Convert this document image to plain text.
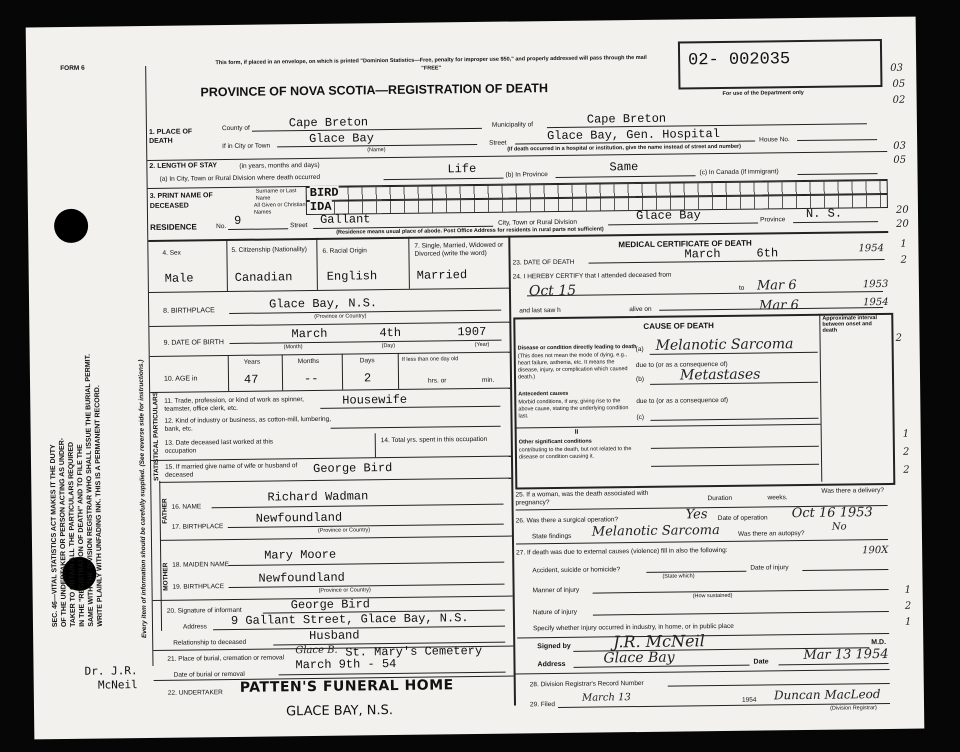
FORM 6
This form, if placed in an envelope, on which is printed "Dominion Statistics—Free, penalty for improper use $50," and properly addressed will pass through the mail "FREE"
PROVINCE OF NOVA SCOTIA—REGISTRATION OF DEATH
02- 002035
For use of the Department only
SEC. 46—VITAL STATISTICS ACT MAKES IT THE DUTY OF THE UNDERTAKER OR PERSON ACTING AS UNDER- TAKER TO OBTAIN ALL THE PARTICULARS REQUIRED IN THE "REGISTRATION OF DEATH" AND TO FILE THE
SAME WITH THE DIVISION REGISTRAR WHO SHALL ISSUE THE BURIAL PERMIT. WRITE PLAINLY WITH UNFADING INK. THIS IS A PERMANENT RECORD.	Every item of information should be carefully supplied. (See reverse side for instructions.) STATISTICAL PARTICULARS
FATHER
MOTHER
1. PLACE OF DEATH
County of	Cape Breton	Municipality of	Cape Breton
If in City or Town
Glace Bay
(Name)
Street
Glace Bay, Gen. Hospital	House No.
(If death occurred in a hospital or institution, give the name instead of street and number)
2. LENGTH OF STAY	(in years, months and days)
(a) In City, Town or Rural Division where death occurred
Life	(b) In Province
Same	(c) In Canada (if immigrant)
3. PRINT NAME OF DECEASED
Surname or Last Name	BIRD
All Given or Christian Names	IDA
RESIDENCE	No. 9	Street Gallant	City, Town or Rural Division	Glace Bay	Province N. S.
(Residence means usual place of abode. Post Office Address for residents in rural parts not sufficient)
4. Sex
Male
5. Citizenship (Nationality)
Canadian
6. Racial Origin
English
7. Single, Married, Widowed or Divorced (write the word)
Married
8. BIRTHPLACE	Glace Bay, N.S.
(Province or Country)
9. DATE OF BIRTH
March	4th	1907
(Month)	(Day)	(Year)
10. AGE in
Years
47
Months
--
Days
2
If less than one day old
hrs. or	min.
11. Trade, profession, or kind of work as spinner, teamster, office clerk, etc.
Housewife
12. Kind of industry or business, as cotton-mill, lumbering, bank, etc.
13. Date deceased last worked at this occupation
14. Total yrs. spent in this occupation
15. If married give name of wife or husband of deceased	George Bird
16. NAME
Richard Wadman
17. BIRTHPLACE
Newfoundland
(Province or Country)
18. MAIDEN NAME
Mary Moore
19. BIRTHPLACE
Newfoundland
(Province or Country)
20. Signature of informant	George Bird
Address 9 Gallant Street, Glace Bay, N.S.
Relationship to deceased	Husband
21. Place of burial, cremation or removal
Glace B. St. Mary's Cemetery
Date of burial or removal
March 9th - 54
22. UNDERTAKER PATTEN'S FUNERAL HOME
GLACE BAY, N.S.
Dr. J.R. McNeil
MEDICAL CERTIFICATE OF DEATH
23. DATE OF DEATH
March	6th	1954
24. I HEREBY CERTIFY that I attended deceased from
Oct 15	to Mar 6	1953
and last saw h	alive on	Mar 6	1954
CAUSE OF DEATH
Approximate interval between onset and death
Disease or condition directly leading to death
(This does not mean the mode of dying, e.g., heart failure, asthenia, etc. It means the disease, injury, or complication which caused death.)
(a) Melanotic Sarcoma
due to (or as a consequence of)
(b)	Metastases
Antecedent causes
Morbid conditions, if any, giving rise to the above cause, stating the underlying condition last.
due to (or as a consequence of)
(c)
II
Other significant conditions
contributing to the death, but not related to the disease or condition causing it.
25. If a woman, was the death associated with pregnancy?
Duration	weeks.
Was there a delivery?
26. Was there a surgical operation?	Yes Date of operation Oct 16 1953
State findings Melanotic Sarcoma	Was there an autopsy?
No
27. If death was due to external causes (violence) fill in also the following:
Accident, suicide or homicide?
(State which)
Date of injury
Manner of injury
(How sustained)
Nature of injury
Specify whether injury occurred in industry, in home, or in public place
Signed by	J.R. McNeil	M.D.
Address	Glace Bay	Date	Mar 13 1954
28. Division Registrar's Record Number
29. Filed
March 13	1954 Duncan MacLeod
(Division Registrar)
03
05
02
03
05
20
20
1
2
2
1
2
2
190X
1
2
1
